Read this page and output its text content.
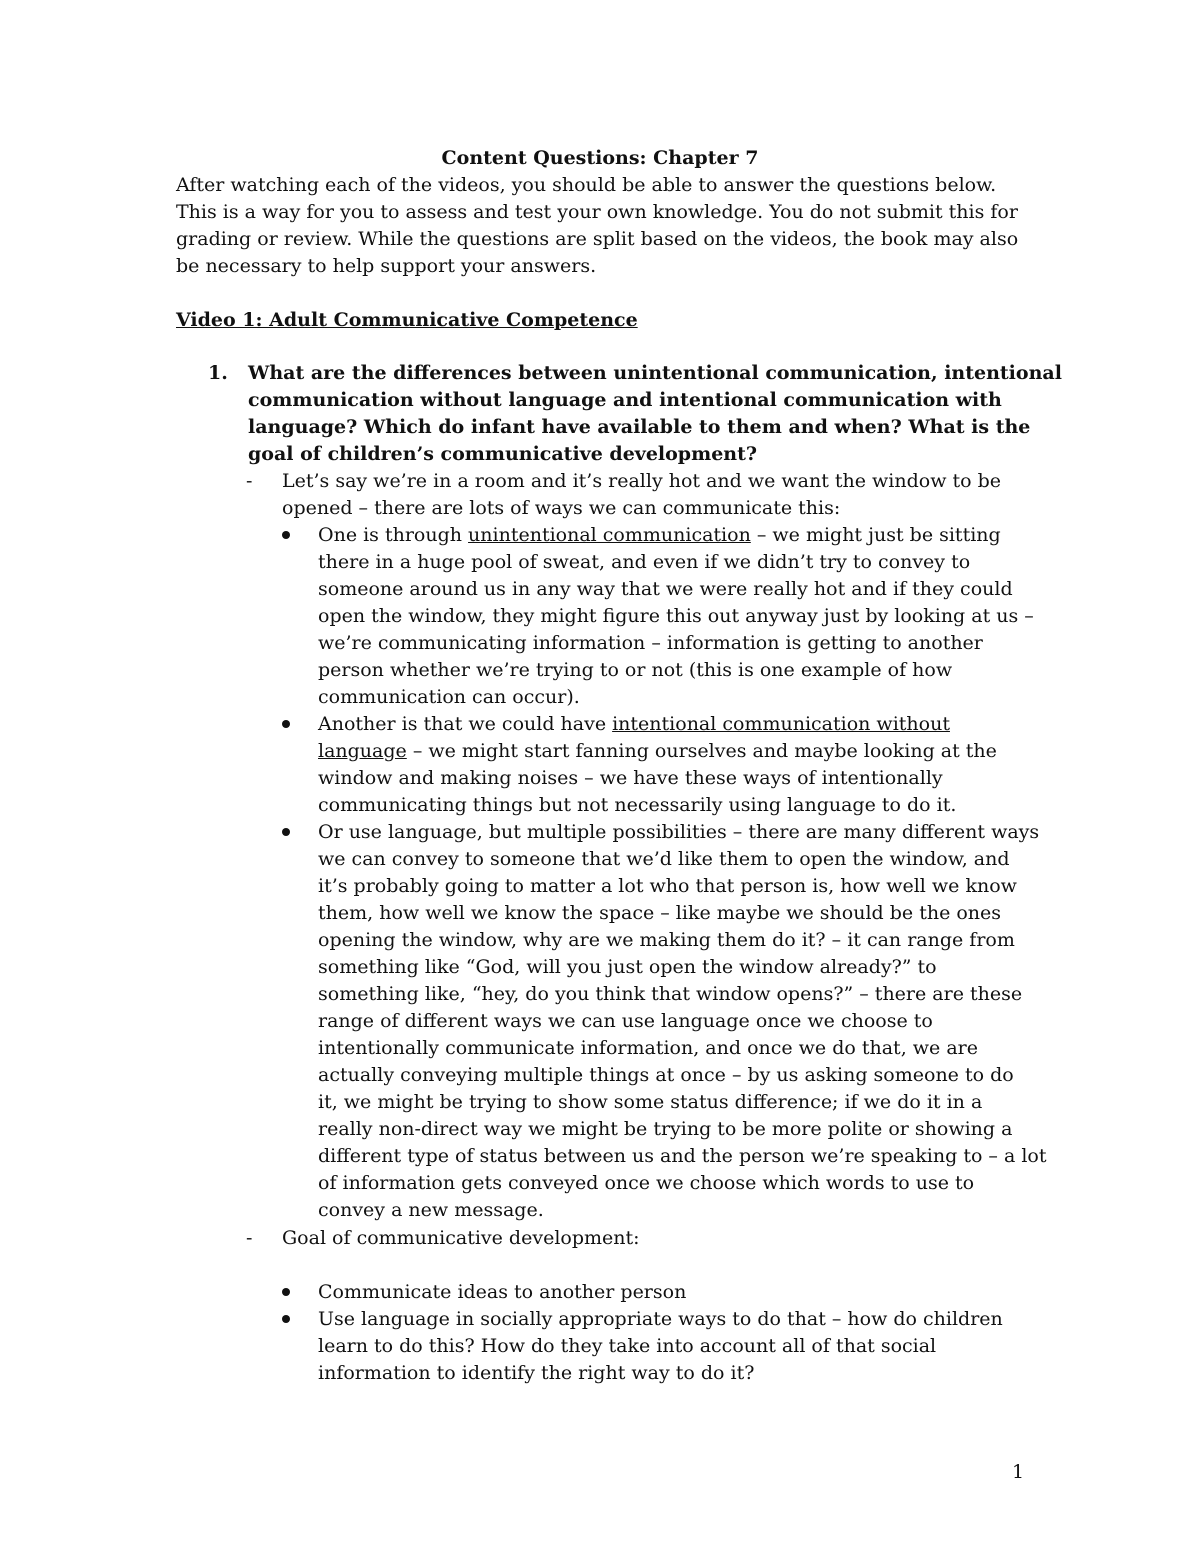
Content Questions: Chapter 7
After watching each of the videos, you should be able to answer the questions below.
This is a way for you to assess and test your own knowledge. You do not submit this for
grading or review. While the questions are split based on the videos, the book may also
be necessary to help support your answers.
Video 1: Adult Communicative Competence
1.	What are the differences between unintentional communication, intentional
communication without language and intentional communication with
language? Which do infant have available to them and when? What is the
goal of children’s communicative development?
-	Let’s say we’re in a room and it’s really hot and we want the window to be
opened – there are lots of ways we can communicate this:
One is through unintentional communication – we might just be sitting
there in a huge pool of sweat, and even if we didn’t try to convey to
someone around us in any way that we were really hot and if they could
open the window, they might figure this out anyway just by looking at us –
we’re communicating information – information is getting to another
person whether we’re trying to or not (this is one example of how
communication can occur).
Another is that we could have intentional communication without
language – we might start fanning ourselves and maybe looking at the
window and making noises – we have these ways of intentionally
communicating things but not necessarily using language to do it.
Or use language, but multiple possibilities – there are many different ways
we can convey to someone that we’d like them to open the window, and
it’s probably going to matter a lot who that person is, how well we know
them, how well we know the space – like maybe we should be the ones
opening the window, why are we making them do it? – it can range from
something like “God, will you just open the window already?” to
something like, “hey, do you think that window opens?” – there are these
range of different ways we can use language once we choose to
intentionally communicate information, and once we do that, we are
actually conveying multiple things at once – by us asking someone to do
it, we might be trying to show some status difference; if we do it in a
really non-direct way we might be trying to be more polite or showing a
different type of status between us and the person we’re speaking to – a lot
of information gets conveyed once we choose which words to use to
convey a new message.
-	Goal of communicative development:
Communicate ideas to another person
Use language in socially appropriate ways to do that – how do children
learn to do this? How do they take into account all of that social
information to identify the right way to do it?
1
